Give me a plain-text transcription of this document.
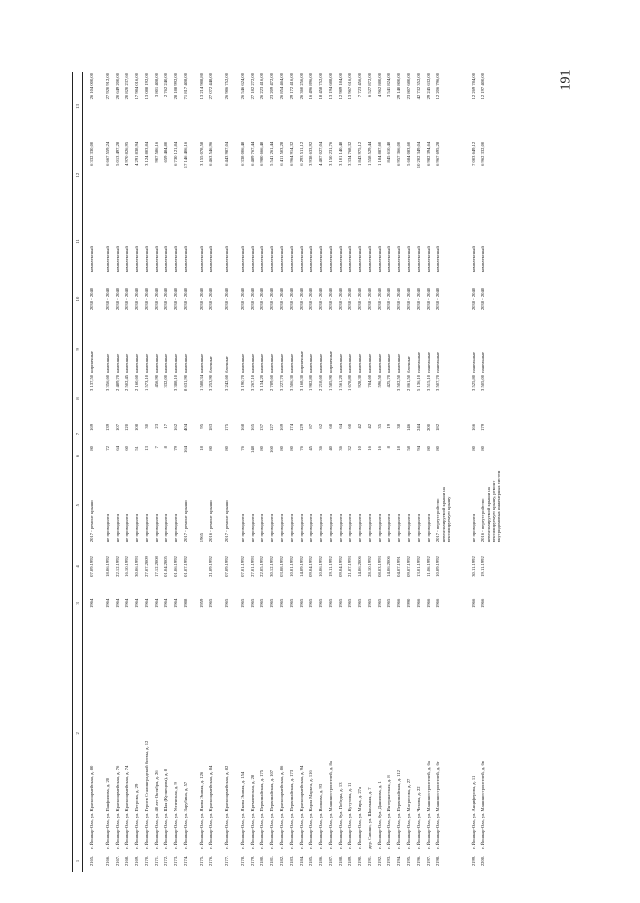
191
1	2	3	4	5	6	7	8	9	10	11	12	13

2165.	г. Йошкар-Ола, ул. Красноармейская, д. 80	1964	07.09.1992	2017 - ремонт крыши	80	169	3 137,50	кирпичные	2038 - 2040	комплексный	6 332 330,00	26 104 000,00

2166.	г. Йошкар-Ола, ул. Панфилова, д. 20	1964	18.06.1992	не проводился	72	139	3 356,60	каменные	2038 - 2040	комплексный	6 667 559,24	27 920 912,00
2167.	г. Йошкар-Ола, ул. Красноармейская, д. 76	1964	22.12.1992	не проводился	64	107	2 489,70	каменные	2038 - 2040	комплексный	5 013 497,28	20 649 200,00
2168.	г. Йошкар-Ола, ул. Красноармейская, д. 74	1964	16.10.1992	не проводился	60	120	2 502,45	каменные	2038 - 2040	комплексный	4 970 826,95	20 820 237,60
2169.	г. Йошкар-Ола, ул. Петрова, д. 29	1964	30.06.1993	не проводился	51	108	2 160,60	каменные	2038 - 2040	комплексный	4 291 838,94	17 984 016,00
2170.	г. Йошкар-Ола, ул. Героев Сталинградской битвы, д. 12	1964	27.07.2009	не проводился	13	30	1 573,10	каменные	2038 - 2040	комплексный	3 124 803,84	13 088 192,00
2171.	г. Йошкар-Ола, ул. 40 лет Октября, д. 26	1964	17.12.2008	не проводился	7	23	456,90	каменные	2038 - 2040	комплексный	907 586,16	3 801 408,00
2172.	г. Йошкар-Ола, ул. Шая (Кузнецова), д. 8	1964	01.04.2005	не проводился	8	17	332,00	каменные	2038 - 2040	комплексный	659 484,80	2 762 240,00
2173.	г. Йошкар-Ола, ул. Успенская, д. 9	1964	01.06.1992	не проводился	79	162	3 388,10	каменные	2038 - 2040	комплексный	6 730 121,84	28 188 992,00
2174.	г. Йошкар-Ола, ул. Зарубина, д. 57	1988	01.07.1992	2017 - ремонт крыши	164	404	8 631,90	каменные	2038 - 2040	комплексный	17 146 406,16	71 817 408,00

2175.	г. Йошкар-Ола, ул. Якова Эшпая, д. 126	1959		1965	18	95	1 588,34	каменные	2038 - 2040	комплексный	3 155 078,58	13 214 988,80
2176.	г. Йошкар-Ола, ул. Красноармейская, д. 84	1965	21.09.1992	2016 - ремонт крыши	80	183	3 253,90	блочные	2038 - 2040	комплексный	6 463 546,96	27 072 448,00

2177.	г. Йошкар-Ола, ул. Красноармейская, д. 82	1965	07.09.1992	2017 - ремонт крыши	80	175	3 242,60	блочные	2038 - 2040	комплексный	6 443 987,04	26 986 752,00

2178.	г. Йошкар-Ола, ул. Якова Эшпая, д. 154	1965	07.01.1992	не проводился	76	168	3 190,70	каменные	2038 - 2040	комплексный	6 338 006,48	26 546 624,00
2179.	г. Йошкар-Ола, ул. Кремлевская, д. 28	1965	27.01.1993	не проводился	148	165	3 267,10	каменные	2038 - 2040	комплексный	6 489 767,44	27 182 272,00
2180.	г. Йошкар-Ола, ул. Первомайская, д. 175	1965	22.05.1992	не проводился	80	137	3 134,20	каменные	2038 - 2040	комплексный	6 980 666,48	26 223 416,00
2181.	г. Йошкар-Ола, ул. Первомайская, д. 107	1965	30.12.1992	не проводился	160	127	2 789,60	каменные	2038 - 2040	комплексный	5 541 261,44	23 209 472,00
2182.	г. Йошкар-Ола, ул. Красноармейская, д. 86	1965	03.08.1992	не проводился	80	169	3 227,70	каменные	2038 - 2040	комплексный	6 411 503,28	26 854 464,00
2183.	г. Йошкар-Ола, ул. Первомайская, д. 173	1965	10.01.1992	не проводился	80	174	3 506,30	каменные	2038 - 2040	комплексный	6 964 914,32	29 172 416,00
2184.	г. Йошкар-Ола, ул. Красноармейская, д. 94	1965	14.09.1992	не проводился	76	129	3 168,30	кирпичные	2038 - 2040	комплексный	6 293 511,12	26 360 256,00
2185.	г. Йошкар-Ола, ул. Карла Маркса, д. 116	1965	09.04.1992	не проводился	45	87	1 982,80	каменные	2038 - 2040	комплексный	3 938 633,92	16 496 896,00
2186.	г. Йошкар-Ола, ул. Волкова, д. 93	1965	10.06.1992	не проводился	36	62	2 218,60	каменные	2038 - 2040	комплексный	4 407 027,04	18 458 752,00
2187.	г. Йошкар-Ола, ул. Машиностроителей, д. 8а	1965	19.11.1992	не проводился	40	68	1 585,90	кирпичные	2038 - 2040	комплексный	3 150 231,76	13 194 688,00
2188.	г. Йошкар-Ола, бул. Победы, д. 13	1965	09.04.1992	не проводился	36	64	1 561,20	каменные	2038 - 2040	комплексный	3 101 140,48	12 989 184,00
2189.	г. Йошкар-Ола, ул. Кутузова, д. 11	1965	21.07.1993	не проводился	32	60	1 678,80	каменные	2038 - 2040	комплексный	3 334 768,32	13 967 616,00
2190.	г. Йошкар-Ола, ул. Мира, д. 27а	1965	14.06.2006	не проводился	10	42	928,30	каменные	2038 - 2040	комплексный	1 843 975,12	7 723 456,00
2191.	дер. Савино, ул. Школьная, д. 7	1965	28.10.1992	не проводился	16	42	784,60	каменные	2038 - 2040	комплексный	1 558 529,44	6 527 872,00
2192.	г. Йошкар-Ола, бул. Данилова, д. 1	1965	08.03.1993	не проводился	16	35	596,50	каменные	2038 - 2040	комплексный	1 184 887,60	4 962 880,00
2193.	г. Йошкар-Ола, ул. Интернатская, д. 8	1965	14.06.2006	не проводился	8	19	425,70	каменные	2038 - 2040	комплексный	845 610,48	3 541 824,00
2194.	г. Йошкар-Ола, ул. Первомайская, д. 112	1966	04.07.1991	не проводился	18	38	3 502,50	каменные	2038 - 2040	комплексный	6 957 366,00	29 140 800,00
2195.	г. Йошкар-Ола, ул. Матросова, д. 27	1990	09.07.1992	не проводился	58	146	2 861,50	блочные	2038 - 2040	комплексный	5 684 083,60	23 807 680,00
2196.	г. Йошкар-Ола, ул. Чехова, д. 22	1966	13.01.1992	не проводился	94	244	5 136,10	панельные	2038 - 2040	комплексный	10 202 349,04	42 732 352,00
2197.	г. Йошкар-Ола, ул. Машиностроителей, д. 6а	1966	11.06.1992	не проводился	80	200	3 515,10	панельные	2038 - 2040	комплексный	6 982 394,64	29 245 632,00
2198.	г. Йошкар-Ола, ул. Машиностроителей, д. 6г	1966	10.09.1992	2017 - переустройство невентилируемой крыши на вентилируемую крышу	80	182	3 507,70	панельные	2038 - 2040	комплексный	6 967 695,28	12 206 796,00

2199.	г. Йошкар-Ола, ул. Анциферова, д. 11	1966	30.11.1992	не проводился	80	166	3 525,80	панельные	2038 - 2040	комплексный	7 003 649,12	12 269 784,00
2200.	г. Йошкар-Ола, ул. Машиностроителей, д. 6в	1966	19.11.1992	2016 - переустройство невентилируемой крыши на вентилируемую крышу, ремонт внутридомовых инженерных систем	80	179	3 505,00	панельные	2038 - 2040	комплексный	6 962 332,00	12 197 400,00
